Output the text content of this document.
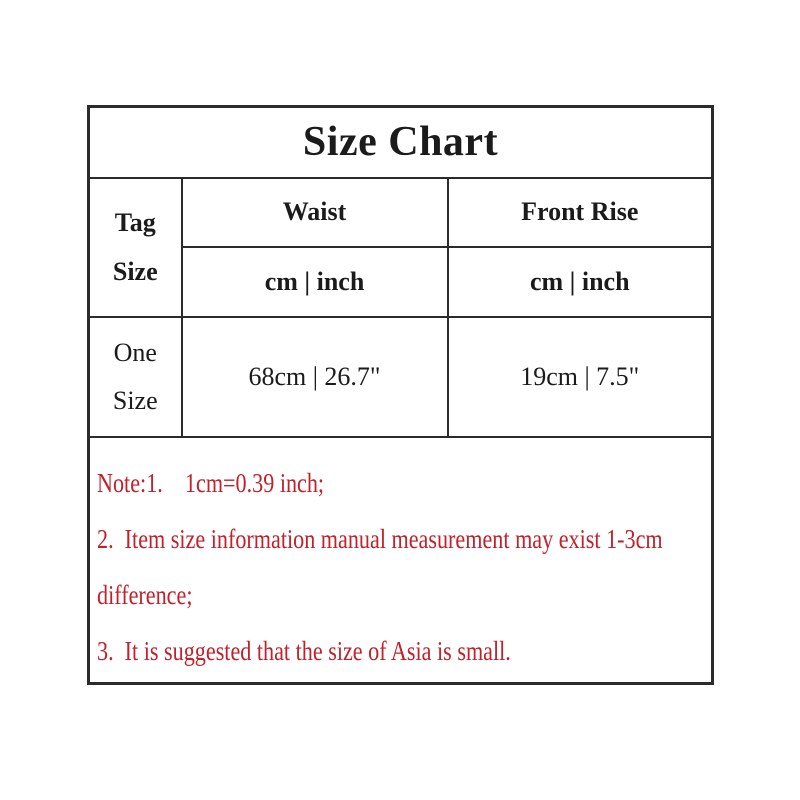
Size Chart		

Tag
Size	Waist	Front Rise
	cm | inch	cm | inch

One
Size	68cm | 26.7"	19cm | 7.5"

Note:1.    1cm=0.39 inch;
2.  Item size information manual measurement may exist 1-3cm
difference;
3.  It is suggested that the size of Asia is small.		
